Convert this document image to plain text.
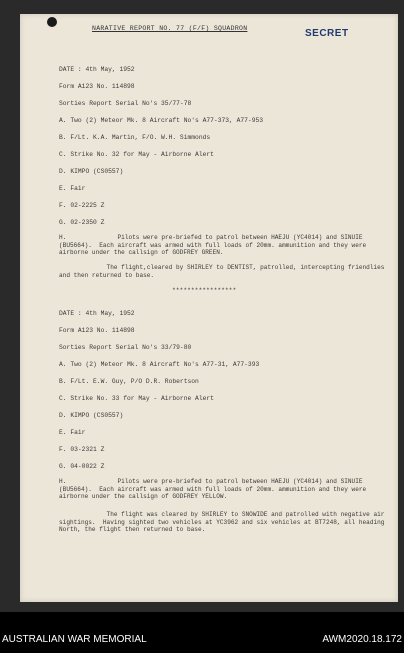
NARATIVE REPORT NO. 77 (F/F) SQUADRON	SECRET
DATE : 4th May, 1952
Form A123 No. 114898
Sorties Report Serial No's 35/77-78
A. Two (2) Meteor Mk. 8 Aircraft No's A77-373, A77-953
B. F/Lt. K.A. Martin, F/O. W.H. Simmonds
C. Strike No. 32 for May - Airborne Alert
D. KIMPO (CS0557)
E. Fair
F. 02-2225 Z
G. 02-2350 Z
H.              Pilots were pre-briefed to patrol between HAEJU (YC4014) and SINUIE (BU5664).  Each aircraft was armed with full loads of 20mm. ammunition and they were airborne under the callsign of GODFREY GREEN.
The flight,cleared by SHIRLEY to DENTIST, patrolled, intercepting friendlies and then returned to base.
*****************
DATE : 4th May, 1952
Form A123 No. 114898
Sorties Report Serial No's 33/79-80
A. Two (2) Meteor Mk. 8 Aircraft No's A77-31, A77-393
B. F/Lt. E.W. Guy, P/O D.R. Robertson
C. Strike No. 33 for May - Airborne Alert
D. KIMPO (CS0557)
E. Fair
F. 03-2321 Z
G. 04-0022 Z
H.              Pilots were pre-briefed to patrol between HAEJU (YC4014) and SINUIE (BU5664).  Each aircraft was armed with full loads of 20mm. ammunition and they were airborne under the callsign of GODFREY YELLOW.
The flight was cleared by SHIRLEY to SNOWIDE and patrolled with negative air sightings.  Having sighted two vehicles at YC3962 and six vehicles at BT7248, all heading North, the flight then returned to base.
AUSTRALIAN WAR MEMORIAL	AWM2020.18.172
